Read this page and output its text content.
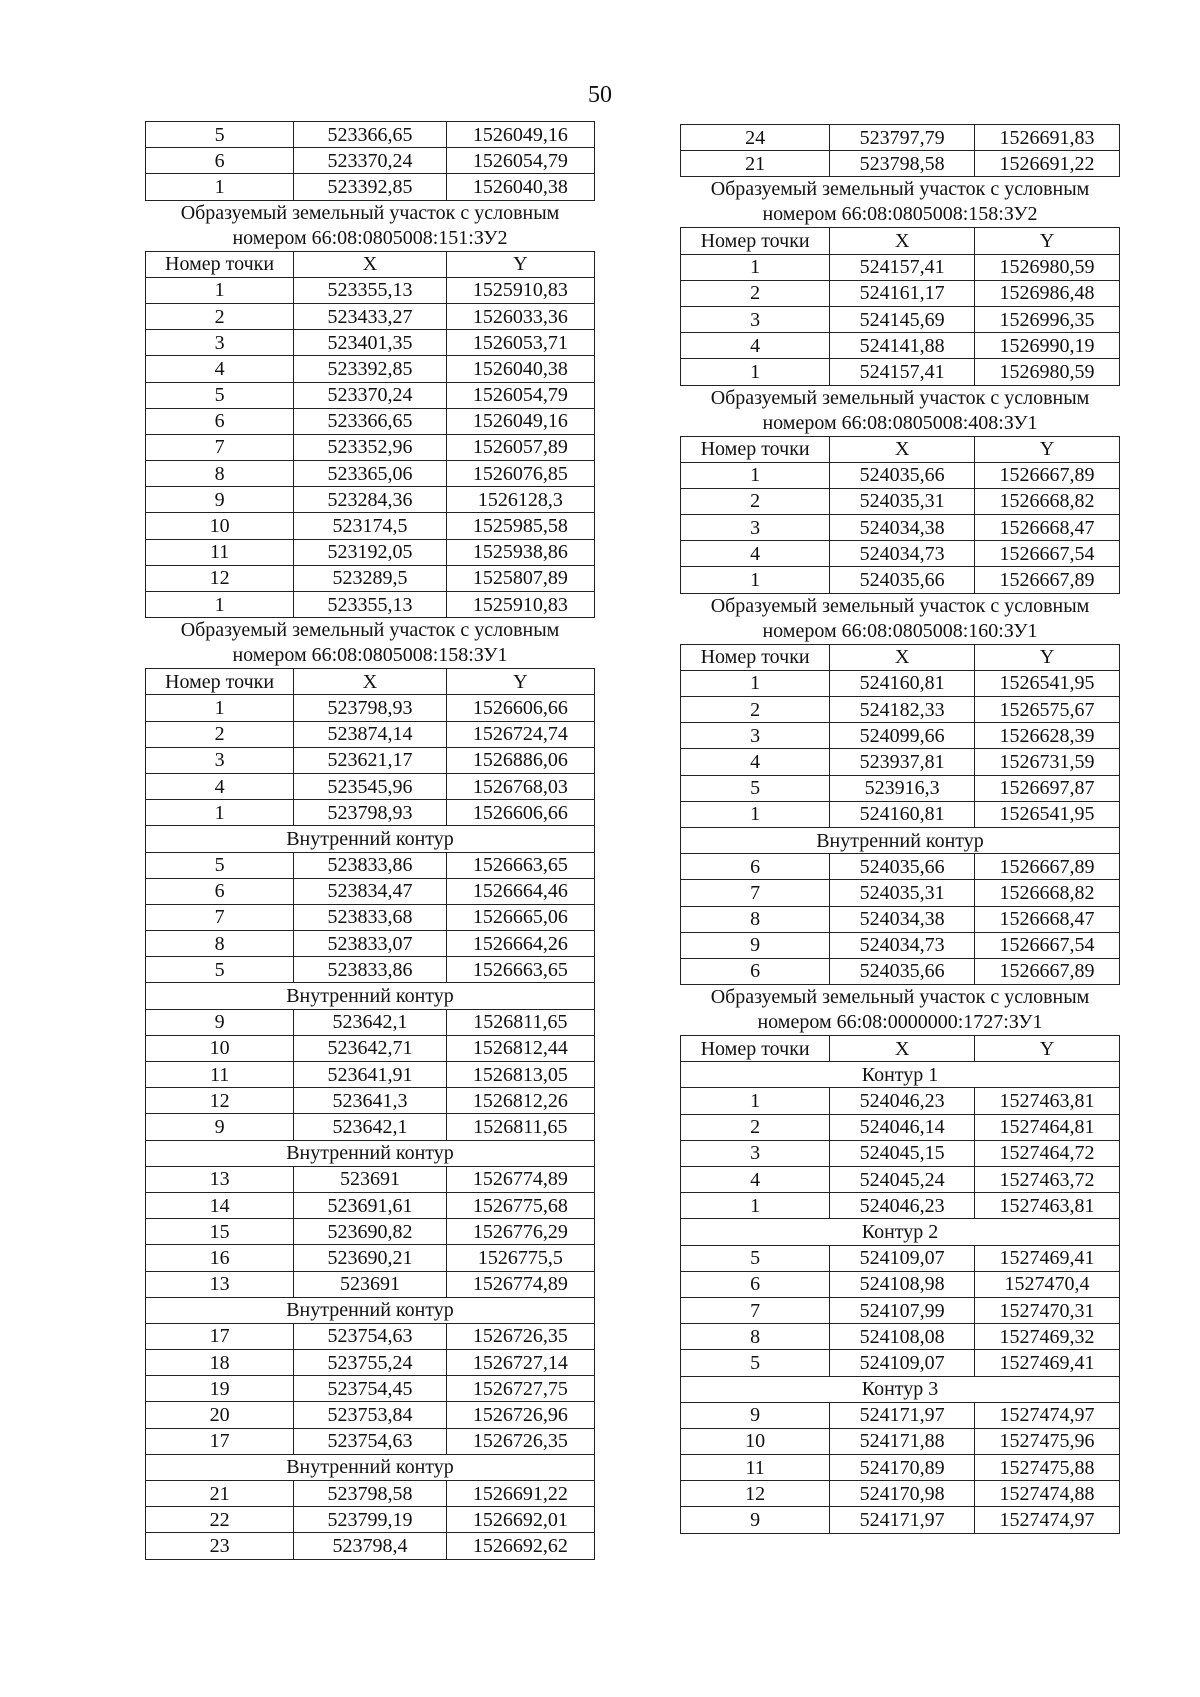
50
5	523366,65	1526049,16
6	523370,24	1526054,79
1	523392,85	1526040,38
Образуемый земельный участок с условным
номером 66:08:0805008:151:ЗУ2
Номер точки	X	Y
1	523355,13	1525910,83
2	523433,27	1526033,36
3	523401,35	1526053,71
4	523392,85	1526040,38
5	523370,24	1526054,79
6	523366,65	1526049,16
7	523352,96	1526057,89
8	523365,06	1526076,85
9	523284,36	1526128,3
10	523174,5	1525985,58
11	523192,05	1525938,86
12	523289,5	1525807,89
1	523355,13	1525910,83
Образуемый земельный участок с условным
номером 66:08:0805008:158:ЗУ1
Номер точки	X	Y
1	523798,93	1526606,66
2	523874,14	1526724,74
3	523621,17	1526886,06
4	523545,96	1526768,03
1	523798,93	1526606,66
Внутренний контур		
5	523833,86	1526663,65
6	523834,47	1526664,46
7	523833,68	1526665,06
8	523833,07	1526664,26
5	523833,86	1526663,65
Внутренний контур		
9	523642,1	1526811,65
10	523642,71	1526812,44
11	523641,91	1526813,05
12	523641,3	1526812,26
9	523642,1	1526811,65
Внутренний контур		
13	523691	1526774,89
14	523691,61	1526775,68
15	523690,82	1526776,29
16	523690,21	1526775,5
13	523691	1526774,89
Внутренний контур		
17	523754,63	1526726,35
18	523755,24	1526727,14
19	523754,45	1526727,75
20	523753,84	1526726,96
17	523754,63	1526726,35
Внутренний контур		
21	523798,58	1526691,22
22	523799,19	1526692,01
23	523798,4	1526692,62
24	523797,79	1526691,83
21	523798,58	1526691,22
Образуемый земельный участок с условным
номером 66:08:0805008:158:ЗУ2
Номер точки	X	Y
1	524157,41	1526980,59
2	524161,17	1526986,48
3	524145,69	1526996,35
4	524141,88	1526990,19
1	524157,41	1526980,59
Образуемый земельный участок с условным
номером 66:08:0805008:408:ЗУ1
Номер точки	X	Y
1	524035,66	1526667,89
2	524035,31	1526668,82
3	524034,38	1526668,47
4	524034,73	1526667,54
1	524035,66	1526667,89
Образуемый земельный участок с условным
номером 66:08:0805008:160:ЗУ1
Номер точки	X	Y
1	524160,81	1526541,95
2	524182,33	1526575,67
3	524099,66	1526628,39
4	523937,81	1526731,59
5	523916,3	1526697,87
1	524160,81	1526541,95
Внутренний контур		
6	524035,66	1526667,89
7	524035,31	1526668,82
8	524034,38	1526668,47
9	524034,73	1526667,54
6	524035,66	1526667,89
Образуемый земельный участок с условным
номером 66:08:0000000:1727:ЗУ1
Номер точки	X	Y
Контур 1		
1	524046,23	1527463,81
2	524046,14	1527464,81
3	524045,15	1527464,72
4	524045,24	1527463,72
1	524046,23	1527463,81
Контур 2		
5	524109,07	1527469,41
6	524108,98	1527470,4
7	524107,99	1527470,31
8	524108,08	1527469,32
5	524109,07	1527469,41
Контур 3		
9	524171,97	1527474,97
10	524171,88	1527475,96
11	524170,89	1527475,88
12	524170,98	1527474,88
9	524171,97	1527474,97
